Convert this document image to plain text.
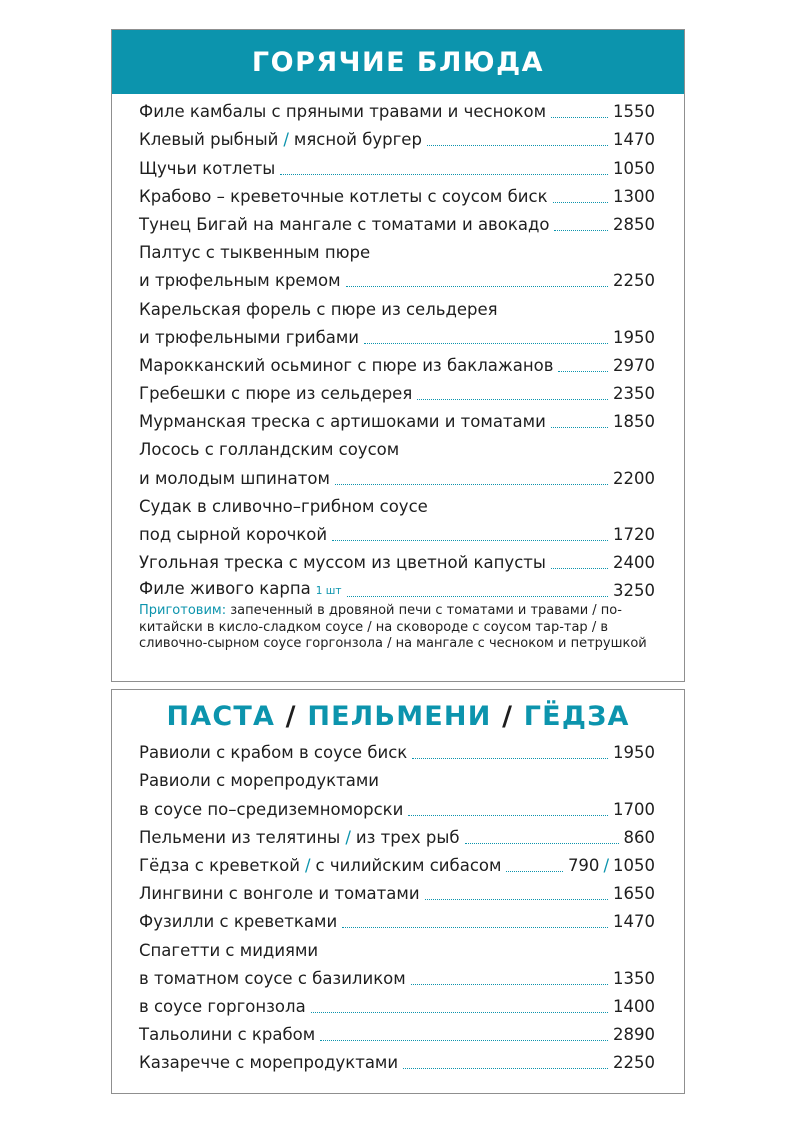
ГОРЯЧИЕ БЛЮДА
Филе камбалы с пряными травами и чесноком	1550
Клевый рыбный / мясной бургер	1470
Щучьи котлеты	1050
Крабово – креветочные котлеты с соусом биск	1300
Тунец Бигай на мангале с томатами и авокадо	2850
Палтус с тыквенным пюре
и трюфельным кремом	2250
Карельская форель с пюре из сельдерея
и трюфельными грибами	1950
Марокканский осьминог с пюре из баклажанов	2970
Гребешки с пюре из сельдерея	2350
Мурманская треска с артишоками и томатами	1850
Лосось с голландским соусом
и молодым шпинатом	2200
Судак в сливочно–грибном соусе
под сырной корочкой	1720
Угольная треска с муссом из цветной капусты	2400
Филе живого карпа 1 шт	3250
Приготовим: запеченный в дровяной печи с томатами и травами / по-китайски в кисло-сладком соусе / на сковороде с соусом тар-тар / в сливочно-сырном соусе горгонзола / на мангале с чесноком и петрушкой
ПАСТА / ПЕЛЬМЕНИ / ГЁДЗА
Равиоли с крабом в соусе биск	1950
Равиоли с морепродуктами
в соусе по–средиземноморски	1700
Пельмени из телятины / из трех рыб	860
Гёдза с креветкой / с чилийским сибасом	790 / 1050
Лингвини с вонголе и томатами	1650
Фузилли с креветками	1470
Спагетти с мидиями
в томатном соусе с базиликом	1350
в соусе горгонзола	1400
Тальолини с крабом	2890
Казаречче с морепродуктами	2250
